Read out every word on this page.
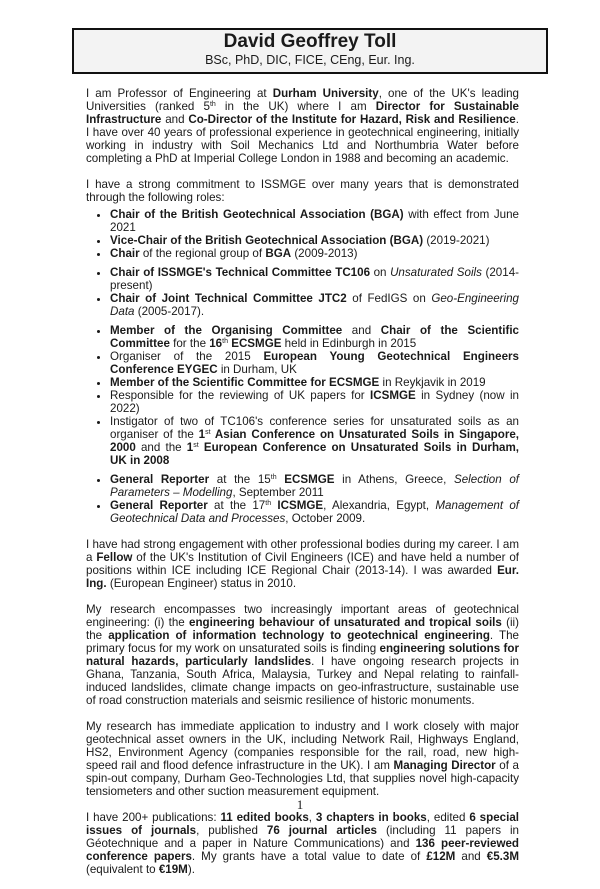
David Geoffrey Toll
BSc, PhD, DIC, FICE, CEng, Eur. Ing.

I am Professor of Engineering at Durham University, one of the UK's leading Universities (ranked 5th in the UK) where I am Director for Sustainable Infrastructure and Co-Director of the Institute for Hazard, Risk and Resilience. I have over 40 years of professional experience in geotechnical engineering, initially working in industry with Soil Mechanics Ltd and Northumbria Water before completing a PhD at Imperial College London in 1988 and becoming an academic.

I have a strong commitment to ISSMGE over many years that is demonstrated through the following roles:

• Chair of the British Geotechnical Association (BGA) with effect from June 2021
• Vice-Chair of the British Geotechnical Association (BGA) (2019-2021)
• Chair of the regional group of BGA (2009-2013)
• Chair of ISSMGE's Technical Committee TC106 on Unsaturated Soils (2014-present)
• Chair of Joint Technical Committee JTC2 of FedIGS on Geo-Engineering Data (2005-2017).
• Member of the Organising Committee and Chair of the Scientific Committee for the 16th ECSMGE held in Edinburgh in 2015
• Organiser of the 2015 European Young Geotechnical Engineers Conference EYGEC in Durham, UK
• Member of the Scientific Committee for ECSMGE in Reykjavik in 2019
• Responsible for the reviewing of UK papers for ICSMGE in Sydney (now in 2022)
• Instigator of two of TC106's conference series for unsaturated soils as an organiser of the 1st Asian Conference on Unsaturated Soils in Singapore, 2000 and the 1st European Conference on Unsaturated Soils in Durham, UK in 2008
• General Reporter at the 15th ECSMGE in Athens, Greece, Selection of Parameters – Modelling, September 2011
• General Reporter at the 17th ICSMGE, Alexandria, Egypt, Management of Geotechnical Data and Processes, October 2009.

I have had strong engagement with other professional bodies during my career. I am a Fellow of the UK's Institution of Civil Engineers (ICE) and have held a number of positions within ICE including ICE Regional Chair (2013-14). I was awarded Eur. Ing. (European Engineer) status in 2010.

My research encompasses two increasingly important areas of geotechnical engineering: (i) the engineering behaviour of unsaturated and tropical soils (ii) the application of information technology to geotechnical engineering. The primary focus for my work on unsaturated soils is finding engineering solutions for natural hazards, particularly landslides. I have ongoing research projects in Ghana, Tanzania, South Africa, Malaysia, Turkey and Nepal relating to rainfall-induced landslides, climate change impacts on geo-infrastructure, sustainable use of road construction materials and seismic resilience of historic monuments.

My research has immediate application to industry and I work closely with major geotechnical asset owners in the UK, including Network Rail, Highways England, HS2, Environment Agency (companies responsible for the rail, road, new high-speed rail and flood defence infrastructure in the UK). I am Managing Director of a spin-out company, Durham Geo-Technologies Ltd, that supplies novel high-capacity tensiometers and other suction measurement equipment.

I have 200+ publications: 11 edited books, 3 chapters in books, edited 6 special issues of journals, published 76 journal articles (including 11 papers in Géotechnique and a paper in Nature Communications) and 136 peer-reviewed conference papers. My grants have a total value to date of £12M and €5.3M (equivalent to €19M).

1
